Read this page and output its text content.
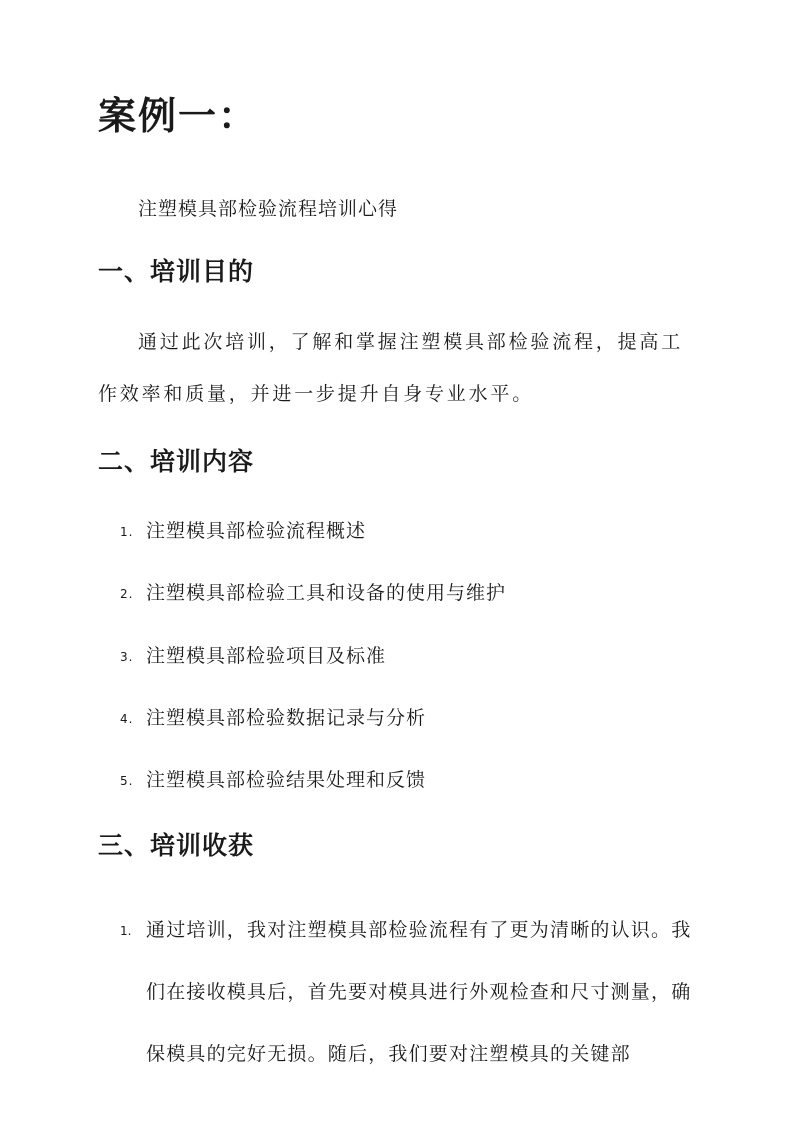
案例一：
注塑模具部检验流程培训心得
一、培训目的
通过此次培训，了解和掌握注塑模具部检验流程，提高工作效率和质量，并进一步提升自身专业水平。
二、培训内容
1. 注塑模具部检验流程概述
2. 注塑模具部检验工具和设备的使用与维护
3. 注塑模具部检验项目及标准
4. 注塑模具部检验数据记录与分析
5. 注塑模具部检验结果处理和反馈
三、培训收获
1. 通过培训，我对注塑模具部检验流程有了更为清晰的认识。我们在接收模具后，首先要对模具进行外观检查和尺寸测量，确保模具的完好无损。随后，我们要对注塑模具的关键部
